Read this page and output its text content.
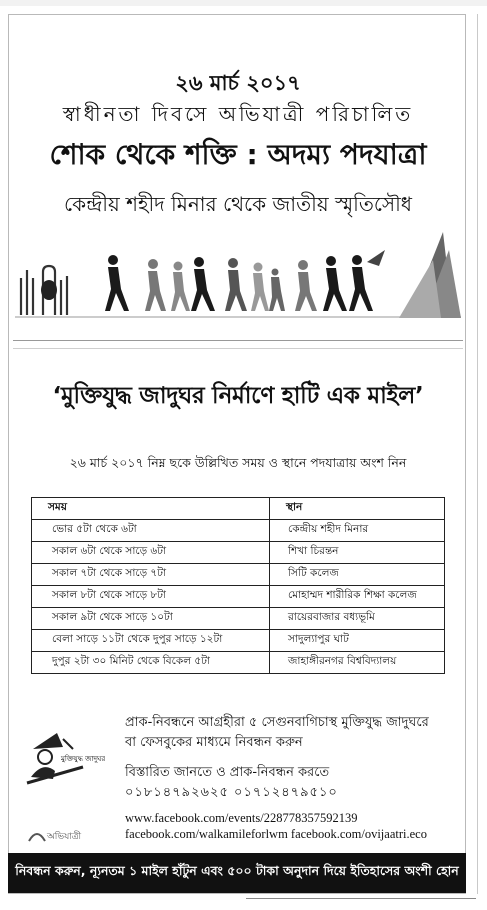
২৬ মার্চ ২০১৭
স্বাধীনতা দিবসে অভিযাত্রী পরিচালিত
শোক থেকে শক্তি : অদম্য পদযাত্রা
কেন্দ্রীয় শহীদ মিনার থেকে জাতীয় স্মৃতিসৌধ
‘মুক্তিযুদ্ধ জাদুঘর নির্মাণে হাটি এক মাইল’
২৬ মার্চ ২০১৭ নিম্ন ছকে উল্লিখিত সময় ও স্থানে পদযাত্রায় অংশ নিন
সময়	স্থান
ভোর ৫টা থেকে ৬টা	কেন্দ্রীয় শহীদ মিনার
সকাল ৬টা থেকে সাড়ে ৬টা	শিখা চিরন্তন
সকাল ৭টা থেকে সাড়ে ৭টা	সিটি কলেজ
সকাল ৮টা থেকে সাড়ে ৮টা	মোহাম্মদ শারীরিক শিক্ষা কলেজ
সকাল ৯টা থেকে সাড়ে ১০টা	রায়েরবাজার বধ্যভূমি
বেলা সাড়ে ১১টা থেকে দুপুর সাড়ে ১২টা	সাদুল্যাপুর ঘাট
দুপুর ২টা ৩০ মিনিট থেকে বিকেল ৫টা	জাহাঙ্গীরনগর বিশ্ববিদ্যালয়
মুক্তিযুদ্ধ জাদুঘর
প্রাক-নিবন্ধনে আগ্রহীরা ৫ সেগুনবাগিচাস্থ মুক্তিযুদ্ধ জাদুঘরে
বা ফেসবুকের মাধ্যমে নিবন্ধন করুন
বিস্তারিত জানতে ও প্রাক-নিবন্ধন করতে
০১৮১৪৭৯২৬২৫ ০১৭১২৪৭৯৫১০
www.facebook.com/events/228778357592139
facebook.com/walkamileforlwm facebook.com/ovijaatri.eco
অভিযাত্রী
নিবন্ধন করুন, ন্যূনতম ১ মাইল হাঁটুন এবং ৫০০ টাকা অনুদান দিয়ে ইতিহাসের অংশী হোন
